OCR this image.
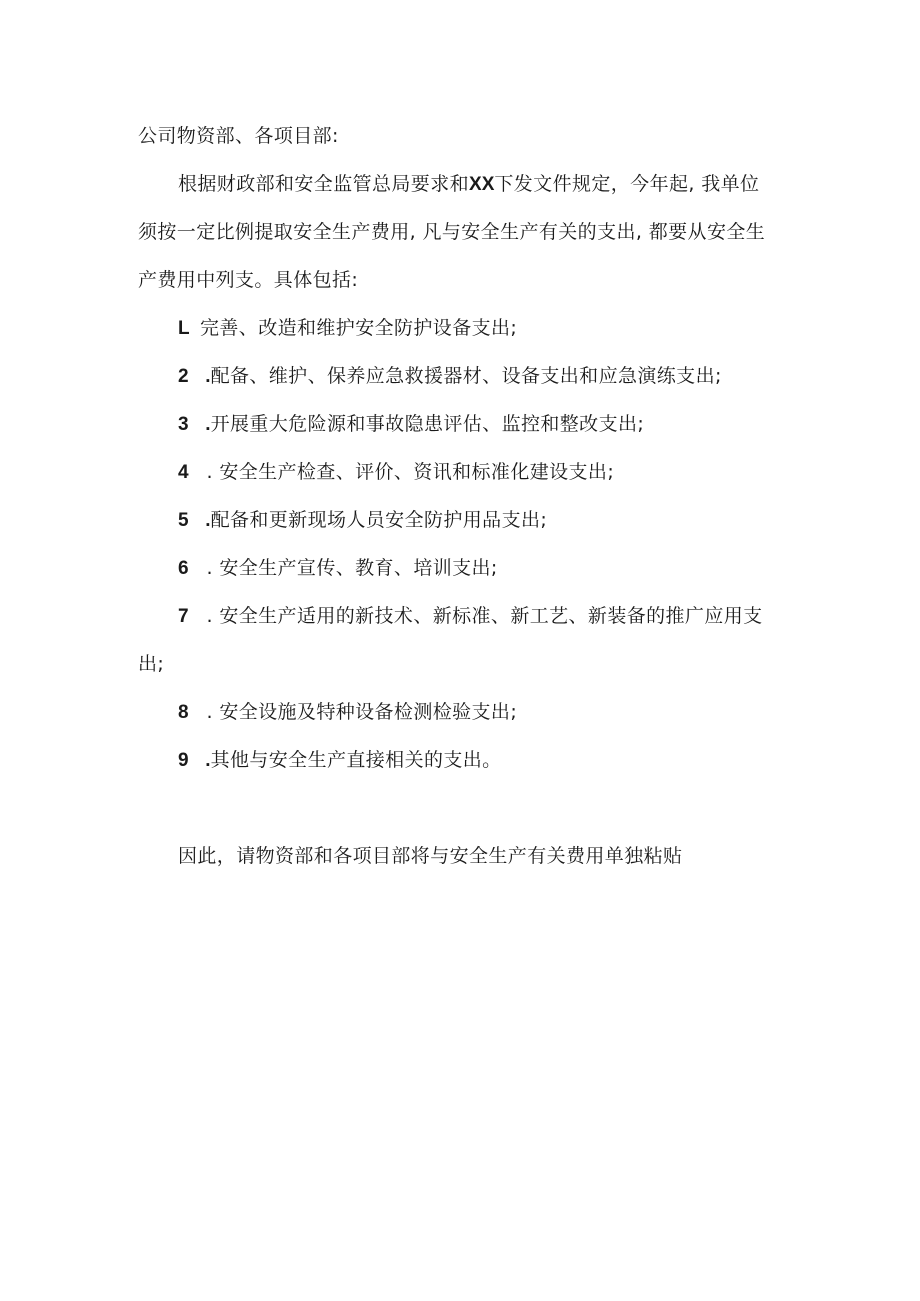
公司物资部、各项目部:
根据财政部和安全监管总局要求和XX下发文件规定，今年起, 我单位
须按一定比例提取安全生产费用, 凡与安全生产有关的支出, 都要从安全生
产费用中列支。具体包括:
L 完善、改造和维护安全防护设备支出;
2 .配备、维护、保养应急救援器材、设备支出和应急演练支出;
3 .开展重大危险源和事故隐患评估、监控和整改支出;
4 . 安全生产检查、评价、资讯和标准化建设支出;
5 .配备和更新现场人员安全防护用品支出;
6 . 安全生产宣传、教育、培训支出;
7 . 安全生产适用的新技术、新标准、新工艺、新装备的推广应用支
出;
8 . 安全设施及特种设备检测检验支出;
9 .其他与安全生产直接相关的支出。
因此，请物资部和各项目部将与安全生产有关费用单独粘贴
